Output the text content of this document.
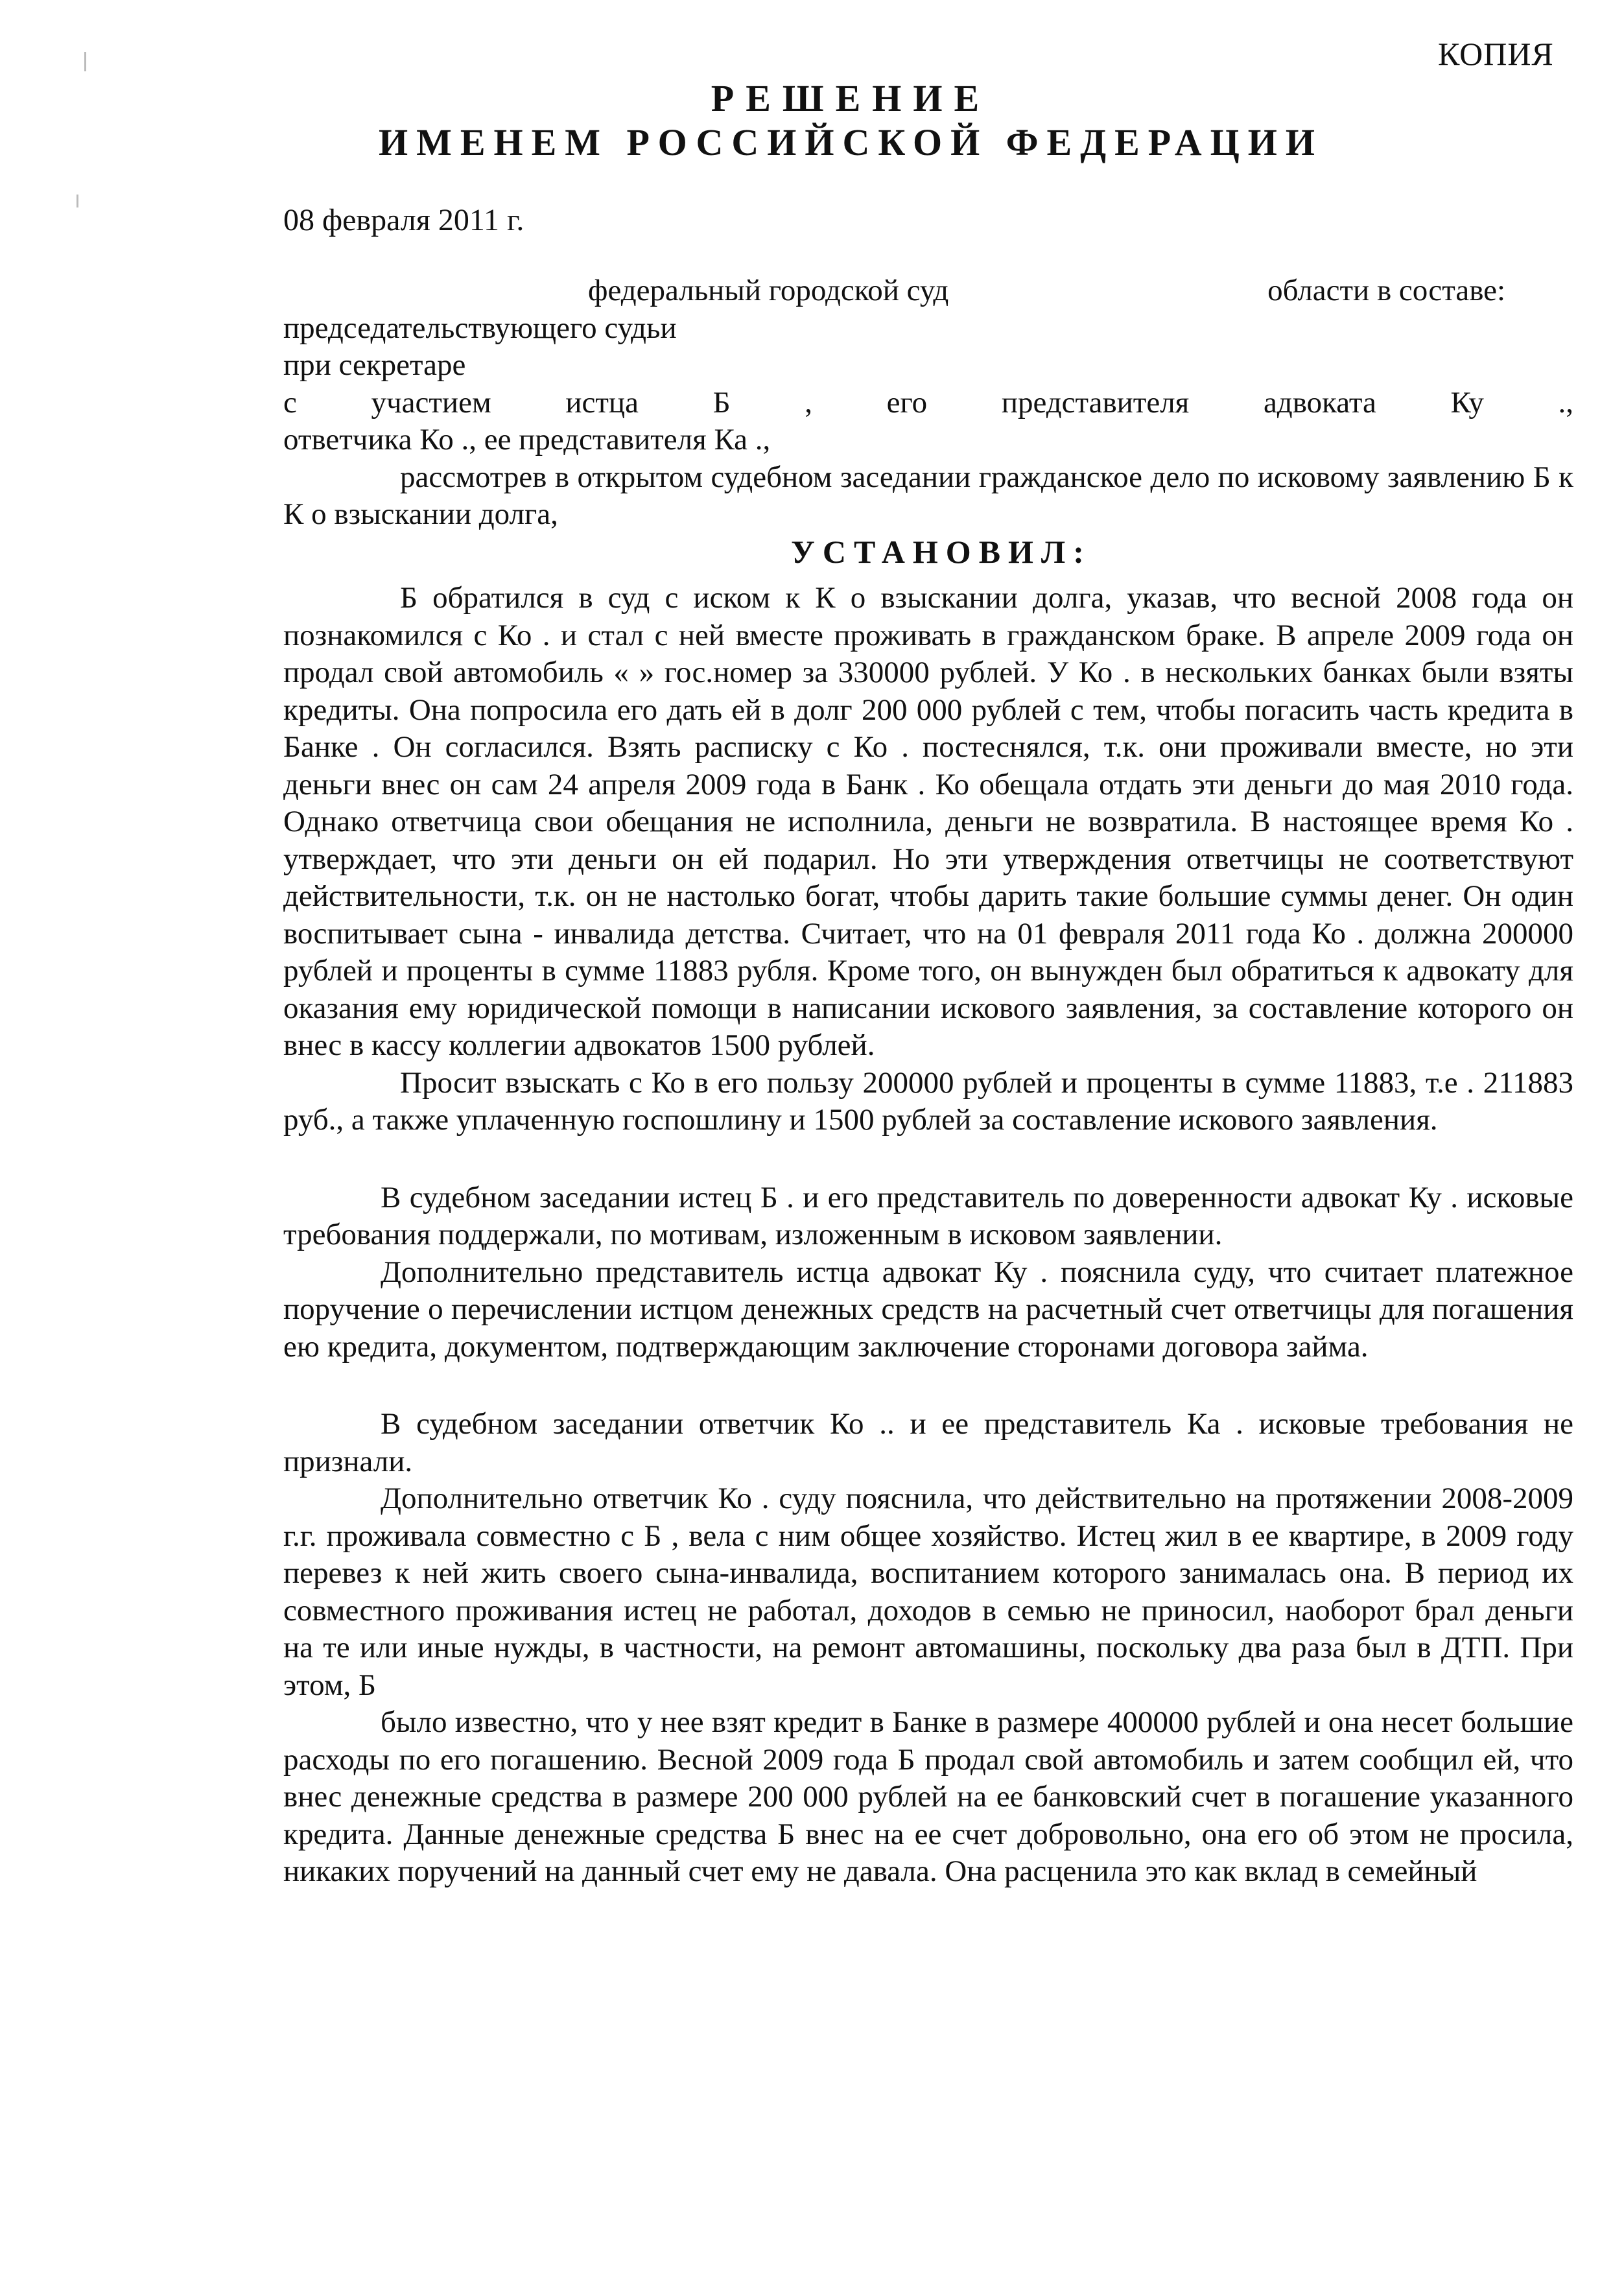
КОПИЯ
РЕШЕНИЕ
ИМЕНЕМ РОССИЙСКОЙ ФЕДЕРАЦИИ
08 февраля 2011 г.

федеральный городской суд	области в составе:

председательствующего судьи

при секретаре

с участием истца Б , его представителя адвоката Ку .,

ответчика Ко ., ее представителя Ка .,

рассмотрев в открытом судебном заседании гражданское дело по исковому заявлению Б к К о взыскании долга,

УСТАНОВИЛ:

Б обратился в суд с иском к К о взыскании долга, указав, что весной 2008 года он познакомился с Ко . и стал с ней вместе проживать в гражданском браке. В апреле 2009 года он продал свой автомобиль « » гос.номер за 330000 рублей. У Ко . в нескольких банках были взяты кредиты. Она попросила его дать ей в долг 200 000 рублей с тем, чтобы погасить часть кредита в Банке . Он согласился. Взять расписку с Ко . постеснялся, т.к. они проживали вместе, но эти деньги внес он сам 24 апреля 2009 года в Банк . Ко обещала отдать эти деньги до мая 2010 года. Однако ответчица свои обещания не исполнила, деньги не возвратила. В настоящее время Ко . утверждает, что эти деньги он ей подарил. Но эти утверждения ответчицы не соответствуют действительности, т.к. он не настолько богат, чтобы дарить такие большие суммы денег. Он один воспитывает сына - инвалида детства. Считает, что на 01 февраля 2011 года Ко . должна 200000 рублей и проценты в сумме 11883 рубля. Кроме того, он вынужден был обратиться к адвокату для оказания ему юридической помощи в написании искового заявления, за составление которого он внес в кассу коллегии адвокатов 1500 рублей.

Просит взыскать с Ко в его пользу 200000 рублей и проценты в сумме 11883, т.е . 211883 руб., а также уплаченную госпошлину и 1500 рублей за составление искового заявления.

В судебном заседании истец Б . и его представитель по доверенности адвокат Ку . исковые требования поддержали, по мотивам, изложенным в исковом заявлении.

Дополнительно представитель истца адвокат Ку . пояснила суду, что считает платежное поручение о перечислении истцом денежных средств на расчетный счет ответчицы для погашения ею кредита, документом, подтверждающим заключение сторонами договора займа.

В судебном заседании ответчик Ко .. и ее представитель Ка . исковые требования не признали.

Дополнительно ответчик Ко . суду пояснила, что действительно на протяжении 2008-2009 г.г. проживала совместно с Б , вела с ним общее хозяйство. Истец жил в ее квартире, в 2009 году перевез к ней жить своего сына-инвалида, воспитанием которого занималась она. В период их совместного проживания истец не работал, доходов в семью не приносил, наоборот брал деньги на те или иные нужды, в частности, на ремонт автомашины, поскольку два раза был в ДТП. При этом, Б

было известно, что у нее взят кредит в Банке в размере 400000 рублей и она несет большие расходы по его погашению. Весной 2009 года Б продал свой автомобиль и затем сообщил ей, что внес денежные средства в размере 200 000 рублей на ее банковский счет в погашение указанного кредита. Данные денежные средства Б внес на ее счет добровольно, она его об этом не просила, никаких поручений на данный счет ему не давала. Она расценила это как вклад в семейный
